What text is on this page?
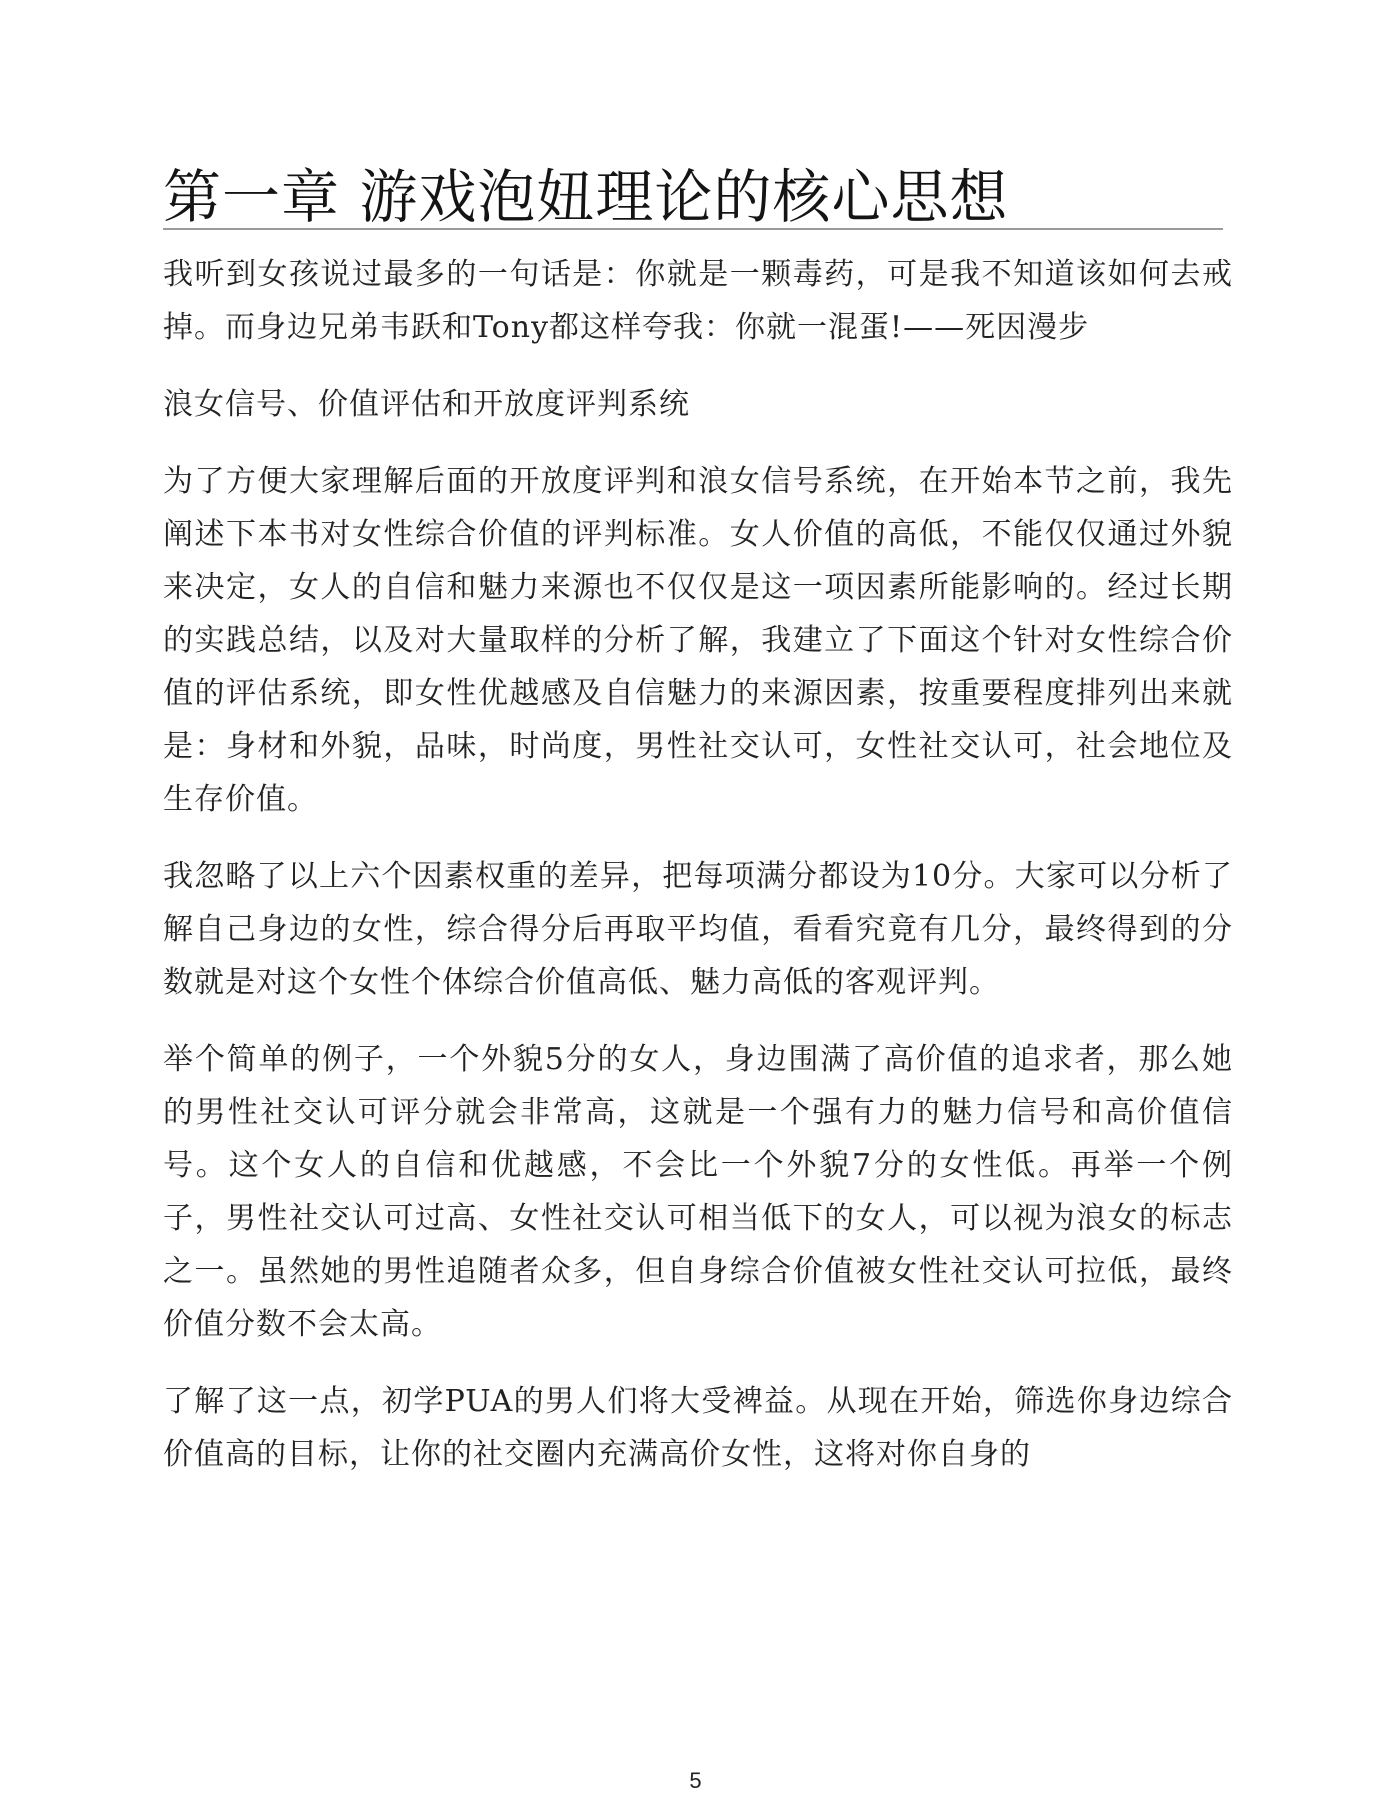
第一章 游戏泡妞理论的核心思想

我听到女孩说过最多的一句话是：你就是一颗毒药，可是我不知道该如何去戒掉。而身边兄弟韦跃和Tony都这样夸我：你就一混蛋!——死因漫步

浪女信号、价值评估和开放度评判系统

为了方便大家理解后面的开放度评判和浪女信号系统，在开始本节之前，我先阐述下本书对女性综合价值的评判标准。女人价值的高低，不能仅仅通过外貌来决定，女人的自信和魅力来源也不仅仅是这一项因素所能影响的。经过长期的实践总结，以及对大量取样的分析了解，我建立了下面这个针对女性综合价值的评估系统，即女性优越感及自信魅力的来源因素，按重要程度排列出来就是：身材和外貌，品味，时尚度，男性社交认可，女性社交认可，社会地位及生存价值。

我忽略了以上六个因素权重的差异，把每项满分都设为10分。大家可以分析了解自己身边的女性，综合得分后再取平均值，看看究竟有几分，最终得到的分数就是对这个女性个体综合价值高低、魅力高低的客观评判。

举个简单的例子，一个外貌5分的女人，身边围满了高价值的追求者，那么她的男性社交认可评分就会非常高，这就是一个强有力的魅力信号和高价值信号。这个女人的自信和优越感，不会比一个外貌7分的女性低。再举一个例子，男性社交认可过高、女性社交认可相当低下的女人，可以视为浪女的标志之一。虽然她的男性追随者众多，但自身综合价值被女性社交认可拉低，最终价值分数不会太高。

了解了这一点，初学PUA的男人们将大受裨益。从现在开始，筛选你身边综合价值高的目标，让你的社交圈内充满高价女性，这将对你自身的

5
